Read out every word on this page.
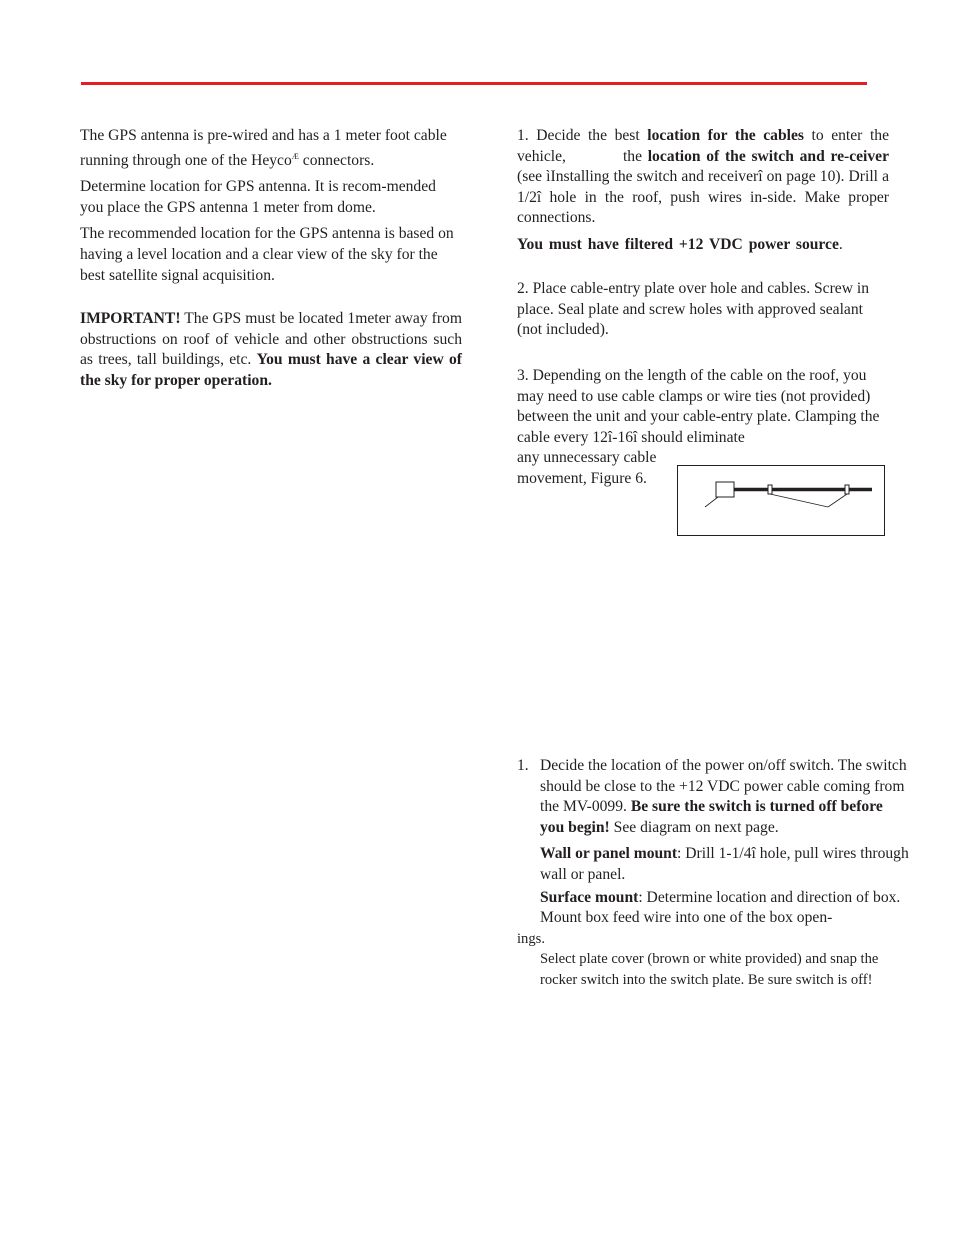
The GPS antenna is pre-wired and has a 1 meter foot cable running through one of the Heyco$^Æ$ connectors.

Determine location for GPS antenna. It is recom-mended you place the GPS antenna 1 meter from dome.

The recommended location for the GPS antenna is based on having a level location and a clear view of the sky for the best satellite signal acquisition.

IMPORTANT! The GPS must be located 1meter away from obstructions on roof of vehicle and other obstructions such as trees, tall buildings, etc. You must have a clear view of the sky for proper operation.

1. Decide the best location for the cables to enter the vehicle,	the location of the switch and re-ceiver (see ìInstalling the switch and receiverî on page 10). Drill a 1/2î hole in the roof, push wires in-side. Make proper connections.

You must have filtered +12 VDC power source.

2. Place cable-entry plate over hole and cables. Screw in place. Seal plate and screw holes with approved sealant (not included).
3. Depending on the length of the cable on the roof, you may need to use cable clamps or wire ties (not provided) between the unit and your cable-entry plate. Clamping the cable every 12î-16î should eliminate
any unnecessary cable movement, Figure 6.
1. Decide the location of the power on/off switch. The switch should be close to the +12 VDC power cable coming from the MV-0099. Be sure the switch is turned off before you begin! See diagram on next page.

Wall or panel mount: Drill 1-1/4î hole, pull wires through wall or panel.

Surface mount: Determine location and direction of box. Mount box feed wire into one of the box open-

ings.

Select plate cover (brown or white provided) and snap the rocker switch into the switch plate. Be sure switch is off!
